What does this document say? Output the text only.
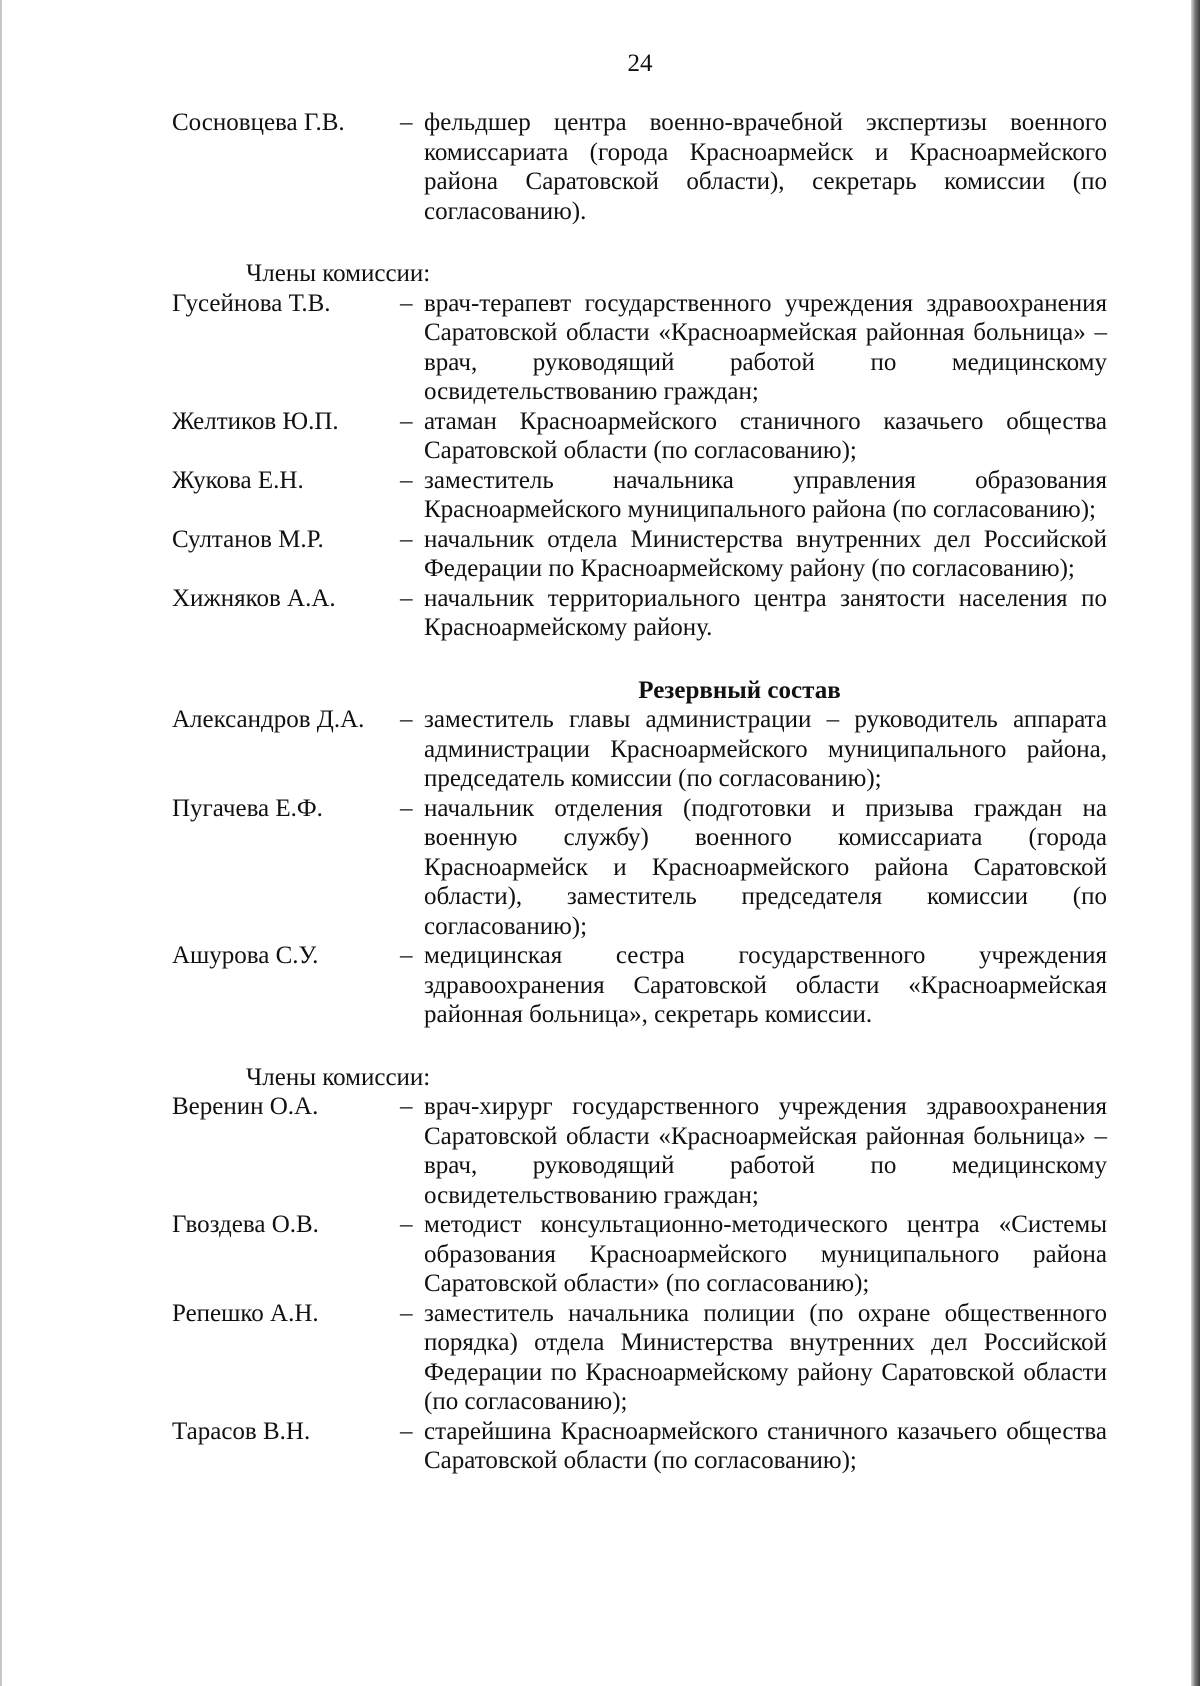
24
Сосновцева Г.В.	– фельдшер центра военно-врачебной экспертизы военного комиссариата (города Красноармейск и Красноармейского района Саратовской области), секретарь комиссии (по согласованию).
Члены комиссии:
Гусейнова Т.В.	– врач-терапевт государственного учреждения здравоохранения Саратовской области «Красноармейская районная больница» – врач, руководящий работой по медицинскому освидетельствованию граждан;
Желтиков Ю.П.	– атаман Красноармейского станичного казачьего общества Саратовской области (по согласованию);
Жукова Е.Н.	– заместитель начальника управления образования Красноармейского муниципального района (по согласованию);
Султанов М.Р.	– начальник отдела Министерства внутренних дел Российской Федерации по Красноармейскому району (по согласованию);
Хижняков А.А.	– начальник территориального центра занятости населения по Красноармейскому району.
Резервный состав
Александров Д.А.	– заместитель главы администрации – руководитель аппарата администрации Красноармейского муниципального района, председатель комиссии (по согласованию);
Пугачева Е.Ф.	– начальник отделения (подготовки и призыва граждан на военную службу) военного комиссариата (города Красноармейск и Красноармейского района Саратовской области), заместитель председателя комиссии (по согласованию);
Ашурова С.У.	– медицинская сестра государственного учреждения здравоохранения Саратовской области «Красноармейская районная больница», секретарь комиссии.
Члены комиссии:
Веренин О.А.	– врач-хирург государственного учреждения здравоохранения Саратовской области «Красноармейская районная больница» – врач, руководящий работой по медицинскому освидетельствованию граждан;
Гвоздева О.В.	– методист консультационно-методического центра «Системы образования Красноармейского муниципального района Саратовской области» (по согласованию);
Репешко А.Н.	– заместитель начальника полиции (по охране общественного порядка) отдела Министерства внутренних дел Российской Федерации по Красноармейскому району Саратовской области (по согласованию);
Тарасов В.Н.	– старейшина Красноармейского станичного казачьего общества Саратовской области (по согласованию);
